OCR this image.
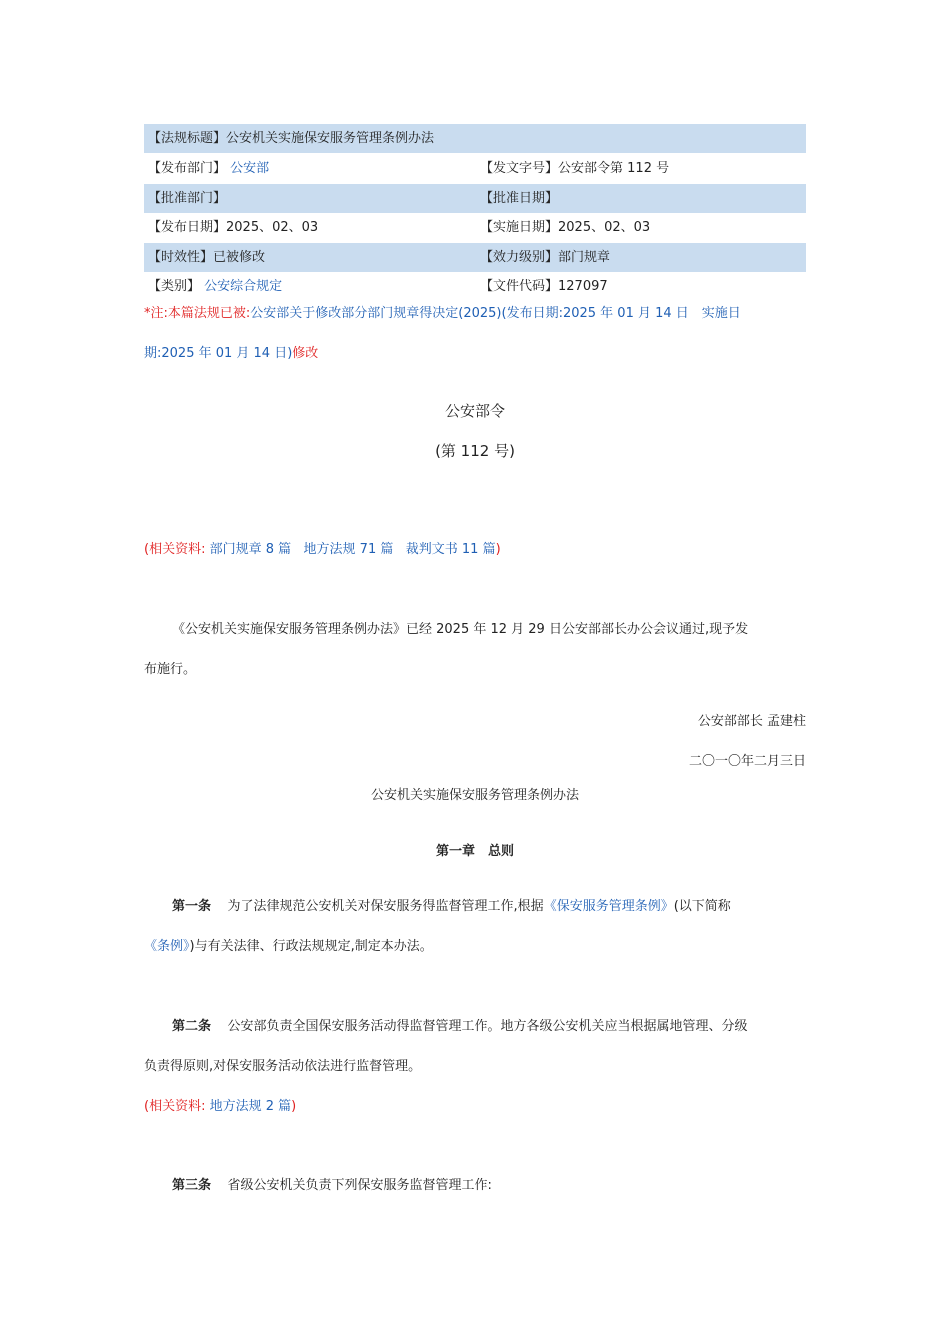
【法规标题】公安机关实施保安服务管理条例办法
【发布部门】 公安部	【发文字号】公安部令第 112 号
【批准部门】	【批准日期】
【发布日期】2025、02、03	【实施日期】2025、02、03
【时效性】已被修改	【效力级别】部门规章
【类别】 公安综合规定	【文件代码】127097
*注:本篇法规已被:公安部关于修改部分部门规章得决定(2025)(发布日期:2025 年 01 月 14 日　实施日
期:2025 年 01 月 14 日)修改
公安部令
(第 112 号)
(相关资料: 部门规章 8 篇 地方法规 71 篇 裁判文书 11 篇)
《公安机关实施保安服务管理条例办法》已经 2025 年 12 月 29 日公安部部长办公会议通过,现予发
布施行。
公安部部长 孟建柱
二〇一〇年二月三日
公安机关实施保安服务管理条例办法
第一章　总则
第一条 为了法律规范公安机关对保安服务得监督管理工作,根据《保安服务管理条例》(以下简称
《条例》)与有关法律、行政法规规定,制定本办法。
第二条 公安部负责全国保安服务活动得监督管理工作。地方各级公安机关应当根据属地管理、分级
负责得原则,对保安服务活动依法进行监督管理。
(相关资料: 地方法规 2 篇)
第三条 省级公安机关负责下列保安服务监督管理工作:
